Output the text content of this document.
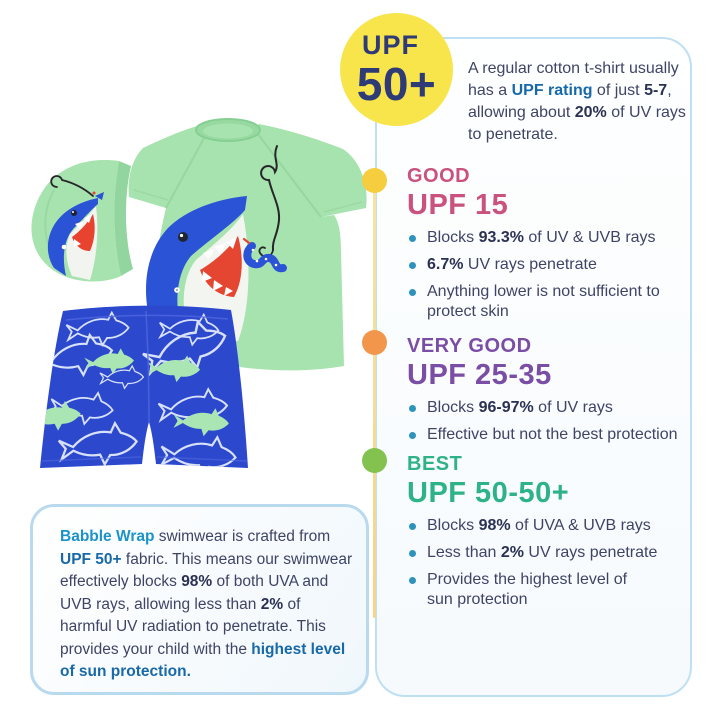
UPF
50+ A regular cotton t-shirt usually has a UPF rating of just 5-7, allowing about 20% of UV rays to penetrate.
GOOD
UPF 15
Blocks 93.3% of UV & UVB rays
6.7% UV rays penetrate
Anything lower is not sufficient to protect skin
VERY GOOD
UPF 25-35
Blocks 96-97% of UV rays
Effective but not the best protection
BEST
UPF 50-50+
Blocks 98% of UVA & UVB rays
Less than 2% UV rays penetrate
Provides the highest level of sun protection
Babble Wrap swimwear is crafted from UPF 50+ fabric. This means our swimwear effectively blocks 98% of both UVA and UVB rays, allowing less than 2% of harmful UV radiation to penetrate. This provides your child with the highest level of sun protection.
